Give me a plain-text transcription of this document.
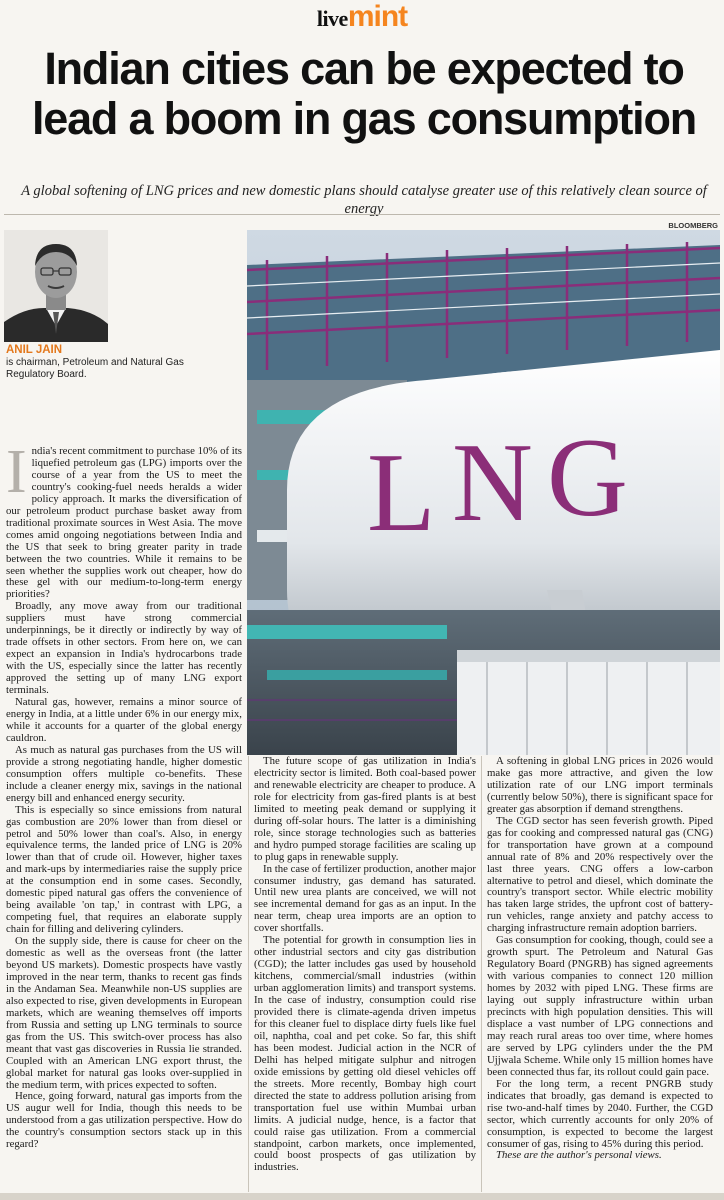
livemint
Indian cities can be expected to lead a boom in gas consumption

A global softening of LNG prices and new domestic plans should catalyse greater use of this relatively clean source of energy

BLOOMBERG
ANIL JAIN
is chairman, Petroleum and Natural Gas Regulatory Board.
L N G

India's recent commitment to purchase 10% of its liquefied petroleum gas (LPG) imports over the course of a year from the US to meet the country's cooking-fuel needs heralds a wider policy approach. It marks the diversification of our petroleum product purchase basket away from traditional proximate sources in West Asia. The move comes amid ongoing negotiations between India and the US that seek to bring greater parity in trade between the two countries. While it remains to be seen whether the supplies work out cheaper, how do these gel with our medium-to-long-term energy priorities?

Broadly, any move away from our traditional suppliers must have strong commercial underpinnings, be it directly or indirectly by way of trade offsets in other sectors. From here on, we can expect an expansion in India's hydrocarbons trade with the US, especially since the latter has recently approved the setting up of many LNG export terminals.

Natural gas, however, remains a minor source of energy in India, at a little under 6% in our energy mix, while it accounts for a quarter of the global energy cauldron.

As much as natural gas purchases from the US will provide a strong negotiating handle, higher domestic consumption offers multiple co-benefits. These include a cleaner energy mix, savings in the national energy bill and enhanced energy security.

This is especially so since emissions from natural gas combustion are 20% lower than from diesel or petrol and 50% lower than coal's. Also, in energy equivalence terms, the landed price of LNG is 20% lower than that of crude oil. However, higher taxes and mark-ups by intermediaries raise the supply price at the consumption end in some cases. Secondly, domestic piped natural gas offers the convenience of being available 'on tap,' in contrast with LPG, a competing fuel, that requires an elaborate supply chain for filling and delivering cylinders.

On the supply side, there is cause for cheer on the domestic as well as the overseas front (the latter beyond US markets). Domestic prospects have vastly improved in the near term, thanks to recent gas finds in the Andaman Sea. Meanwhile non-US supplies are also expected to rise, given developments in European markets, which are weaning themselves off imports from Russia and setting up LNG terminals to source gas from the US. This switch-over process has also meant that vast gas discoveries in Russia lie stranded. Coupled with an American LNG export thrust, the global market for natural gas looks over-supplied in the medium term, with prices expected to soften.

Hence, going forward, natural gas imports from the US augur well for India, though this needs to be understood from a gas utilization perspective. How do the country's consumption sectors stack up in this regard?

The future scope of gas utilization in India's electricity sector is limited. Both coal-based power and renewable electricity are cheaper to produce. A role for electricity from gas-fired plants is at best limited to meeting peak demand or supplying it during off-solar hours. The latter is a diminishing role, since storage technologies such as batteries and hydro pumped storage facilities are scaling up to plug gaps in renewable supply.

In the case of fertilizer production, another major consumer industry, gas demand has saturated. Until new urea plants are conceived, we will not see incremental demand for gas as an input. In the near term, cheap urea imports are an option to cover shortfalls.

The potential for growth in consumption lies in other industrial sectors and city gas distribution (CGD); the latter includes gas used by household kitchens, commercial/small industries (within urban agglomeration limits) and transport systems. In the case of industry, consumption could rise provided there is climate-agenda driven impetus for this cleaner fuel to displace dirty fuels like fuel oil, naphtha, coal and pet coke. So far, this shift has been modest. Judicial action in the NCR of Delhi has helped mitigate sulphur and nitrogen oxide emissions by getting old diesel vehicles off the streets. More recently, Bombay high court directed the state to address pollution arising from transportation fuel use within Mumbai urban limits. A judicial nudge, hence, is a factor that could raise gas utilization. From a commercial standpoint, carbon markets, once implemented, could boost prospects of gas utilization by industries.

A softening in global LNG prices in 2026 would make gas more attractive, and given the low utilization rate of our LNG import terminals (currently below 50%), there is significant space for greater gas absorption if demand strengthens.

The CGD sector has seen feverish growth. Piped gas for cooking and compressed natural gas (CNG) for transportation have grown at a compound annual rate of 8% and 20% respectively over the last three years. CNG offers a low-carbon alternative to petrol and diesel, which dominate the country's transport sector. While electric mobility has taken large strides, the upfront cost of battery-run vehicles, range anxiety and patchy access to charging infrastructure remain adoption barriers.

Gas consumption for cooking, though, could see a growth spurt. The Petroleum and Natural Gas Regulatory Board (PNGRB) has signed agreements with various companies to connect 120 million homes by 2032 with piped LNG. These firms are laying out supply infrastructure within urban precincts with high population densities. This will displace a vast number of LPG connections and may reach rural areas too over time, where homes are served by LPG cylinders under the the PM Ujjwala Scheme. While only 15 million homes have been connected thus far, its rollout could gain pace.

For the long term, a recent PNGRB study indicates that broadly, gas demand is expected to rise two-and-half times by 2040. Further, the CGD sector, which currently accounts for only 20% of consumption, is expected to become the largest consumer of gas, rising to 45% during this period.

These are the author's personal views.
